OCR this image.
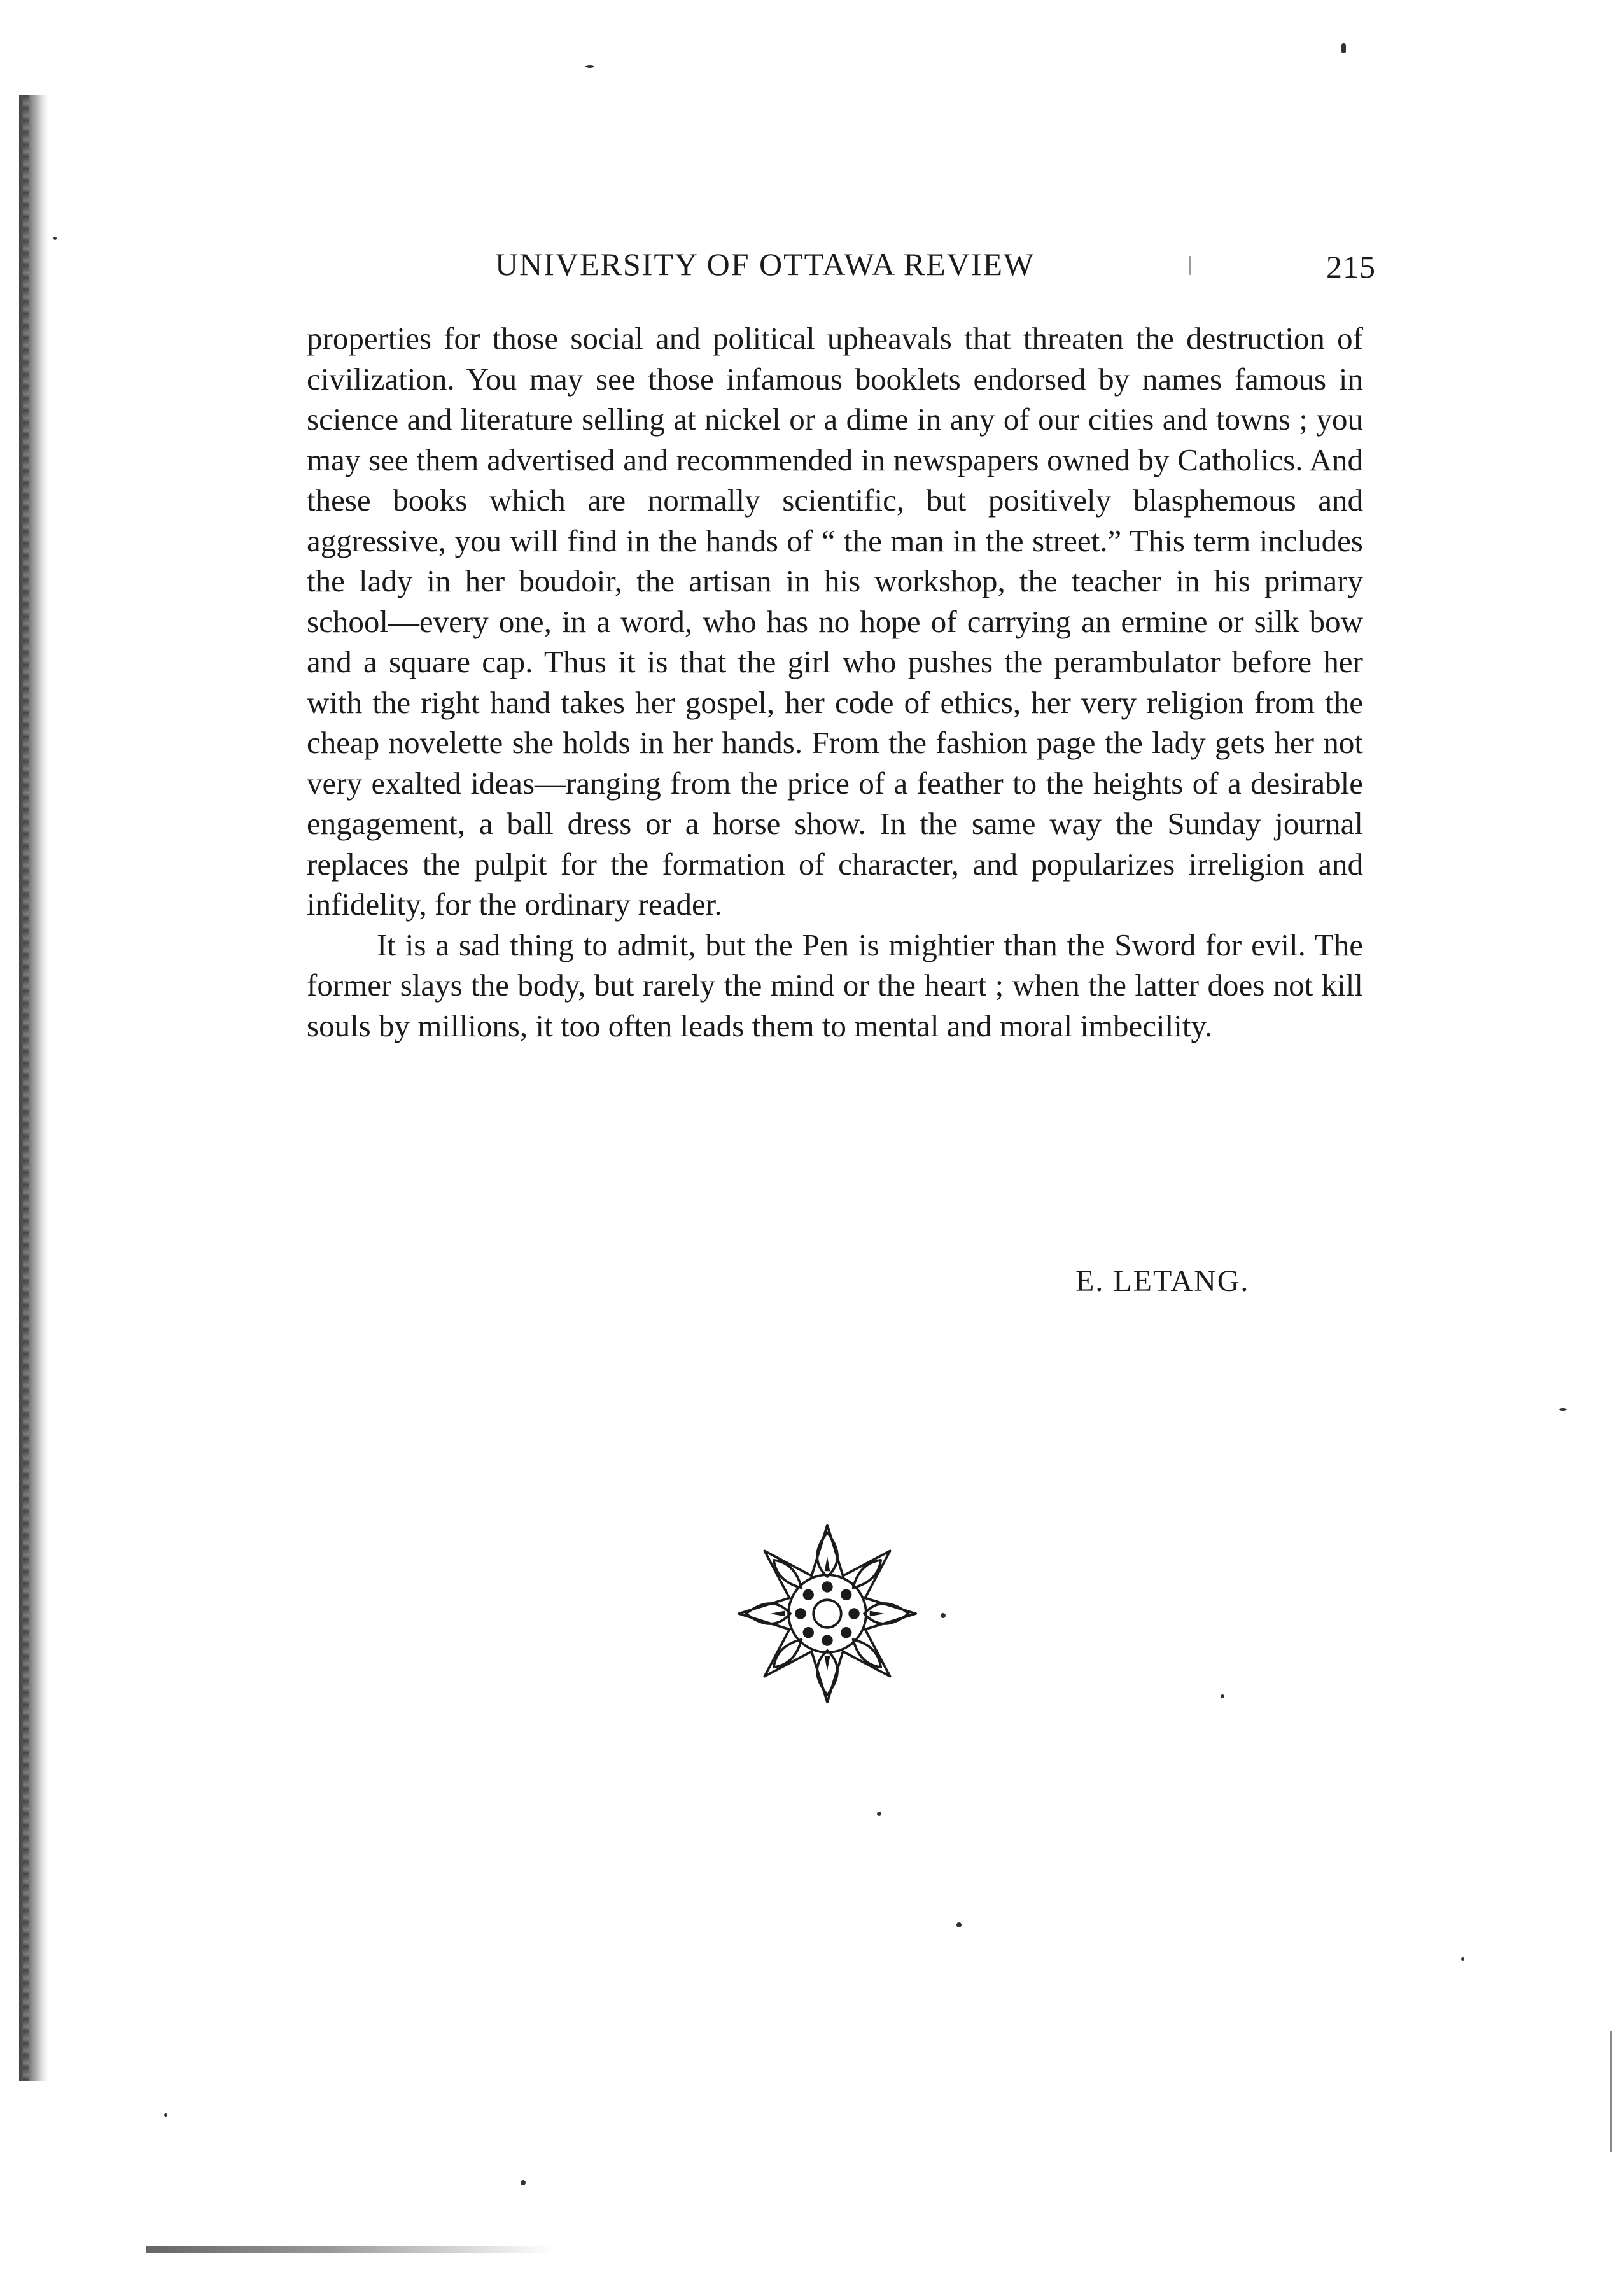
UNIVERSITY OF OTTAWA REVIEW	215

properties for those social and political upheavals that threaten the destruction of civilization. You may see those infamous booklets endorsed by names famous in science and literature selling at nickel or a dime in any of our cities and towns ; you may see them advertised and recommended in newspapers owned by Catholics. And these books which are normally scientific, but positively blasphemous and aggressive, you will find in the hands of “ the man in the street.” This term includes the lady in her boudoir, the artisan in his workshop, the teacher in his primary school—every one, in a word, who has no hope of carrying an ermine or silk bow and a square cap. Thus it is that the girl who pushes the perambulator before her with the right hand takes her gospel, her code of ethics, her very religion from the cheap novelette she holds in her hands. From the fashion page the lady gets her not very exalted ideas—ranging from the price of a feather to the heights of a desirable engagement, a ball dress or a horse show. In the same way the Sunday journal replaces the pulpit for the formation of character, and popularizes irreligion and infidelity, for the ordinary reader.

It is a sad thing to admit, but the Pen is mightier than the Sword for evil. The former slays the body, but rarely the mind or the heart ; when the latter does not kill souls by millions, it too often leads them to mental and moral imbecility.

E. LETANG.
